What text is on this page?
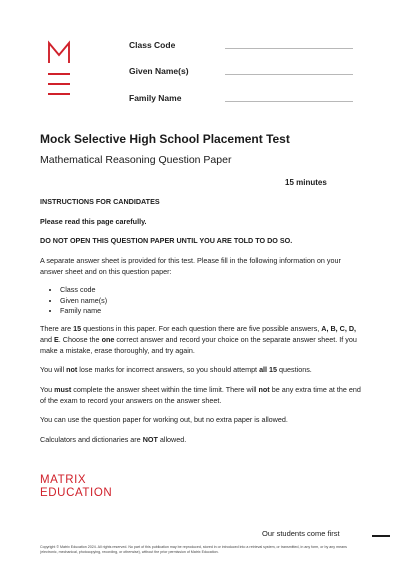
Class Code
Given Name(s)
Family Name
Mock Selective High School Placement Test
Mathematical Reasoning Question Paper
15 minutes

INSTRUCTIONS FOR CANDIDATES

Please read this page carefully.

DO NOT OPEN THIS QUESTION PAPER UNTIL YOU ARE TOLD TO DO SO.

A separate answer sheet is provided for this test. Please fill in the following information on your answer sheet and on this question paper:

• Class code
• Given name(s)
• Family name

There are 15 questions in this paper. For each question there are five possible answers, A, B, C, D, and E. Choose the one correct answer and record your choice on the separate answer sheet. If you make a mistake, erase thoroughly, and try again.

You will not lose marks for incorrect answers, so you should attempt all 15 questions.

You must complete the answer sheet within the time limit. There will not be any extra time at the end of the exam to record your answers on the answer sheet.

You can use the question paper for working out, but no extra paper is allowed.

Calculators and dictionaries are NOT allowed.

MATRIX
EDUCATION
Our students come first
Copyright © Matrix Education 2024. All rights reserved. No part of this publication may be reproduced, stored in or introduced into a retrieval system, or transmitted, in any form, or by any means (electronic, mechanical, photocopying, recording, or otherwise), without the prior permission of Matrix Education.
